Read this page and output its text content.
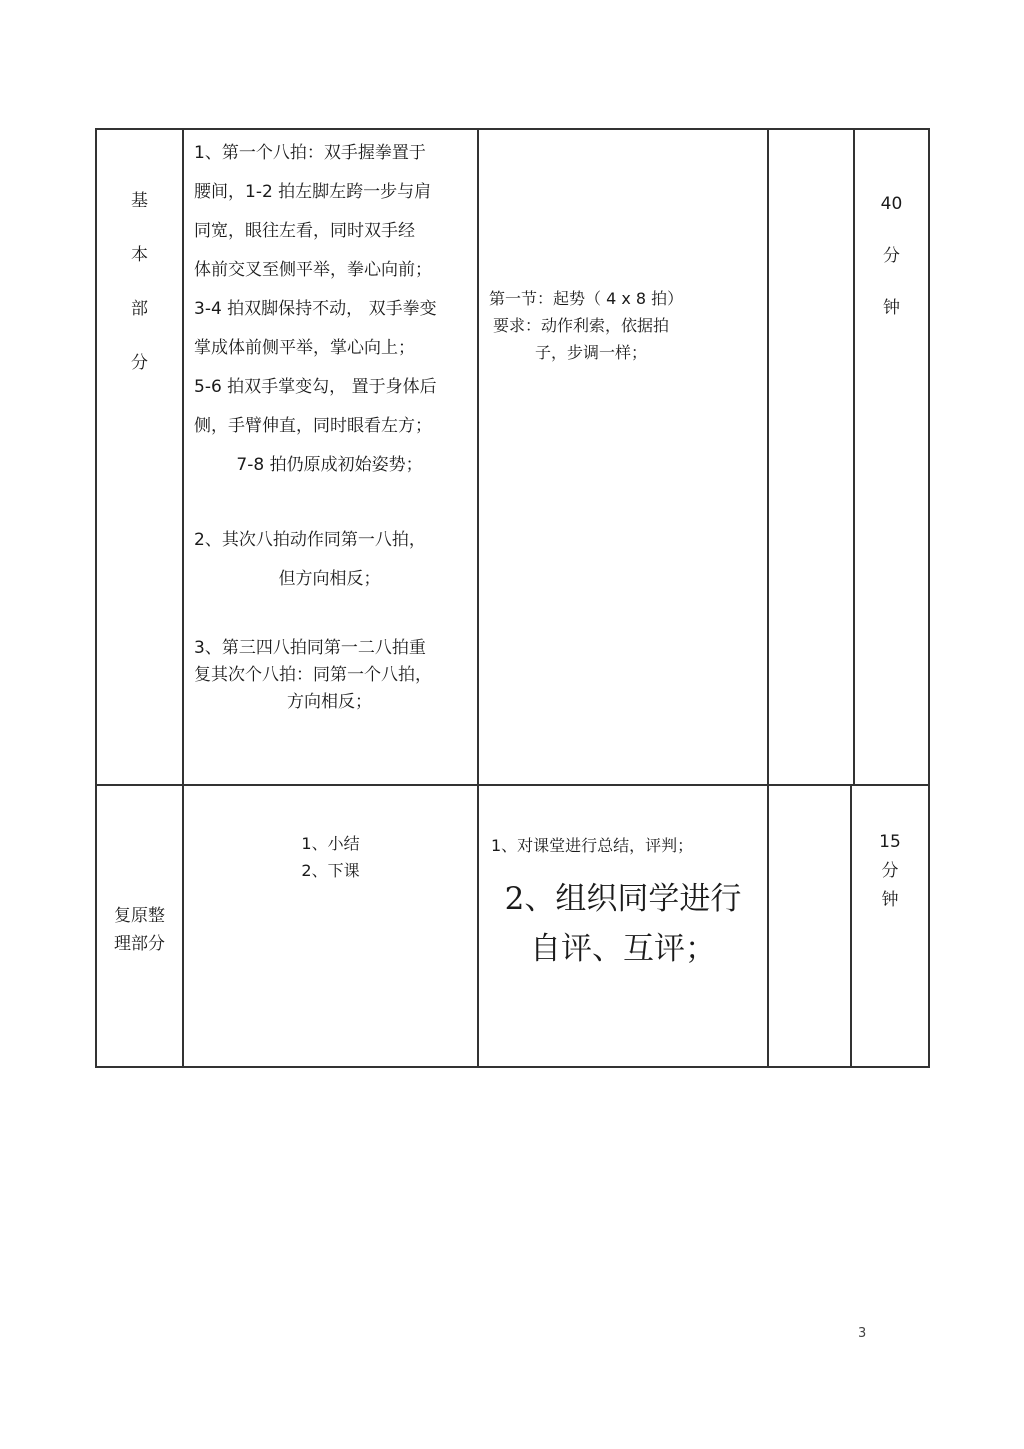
基
本
部
分
1、第一个八拍：双手握拳置于
腰间，1-2 拍左脚左跨一步与肩
同宽，眼往左看，同时双手经
体前交叉至侧平举，拳心向前；
3-4 拍双脚保持不动， 双手拳变
掌成体前侧平举，掌心向上；
5-6 拍双手掌变勾， 置于身体后
侧，手臂伸直，同时眼看左方；
7-8 拍仍原成初始姿势；
2、其次八拍动作同第一八拍，
但方向相反；
3、第三四八拍同第一二八拍重
复其次个八拍：同第一个八拍，
方向相反；
第一节：起势（ 4 x 8 拍）
要求：动作利索，依据拍
子，步调一样；
40
分
钟
复原整
理部分
1、小结
2、下课
1、对课堂进行总结，评判；
2、组织同学进行
自评、互评；
15
分
钟
3
